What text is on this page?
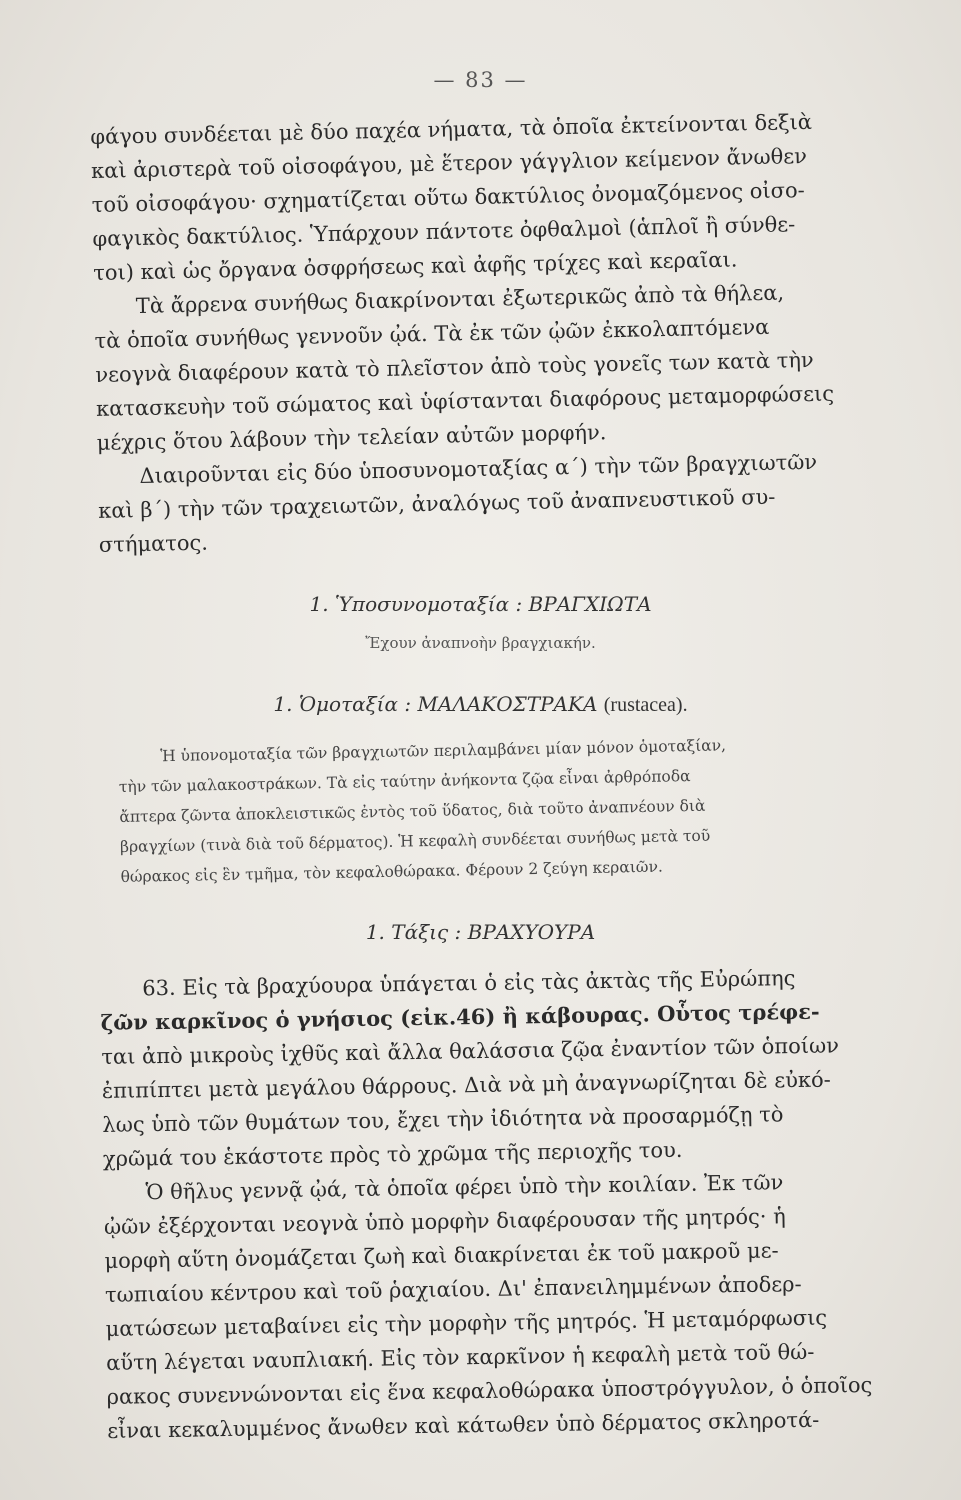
— 83 —
φάγου συνδέεται μὲ δύο παχέα νήματα, τὰ ὁποῖα ἐκτείνονται δεξιὰ
καὶ ἀριστερὰ τοῦ οἰσοφάγου, μὲ ἕτερον γάγγλιον κείμενον ἄνωθεν
τοῦ οἰσοφάγου· σχηματίζεται οὕτω δακτύλιος ὀνομαζόμενος οἰσο-
φαγικὸς δακτύλιος. Ὑπάρχουν πάντοτε ὀφθαλμοὶ (ἁπλοῖ ἢ σύνθε-
τοι) καὶ ὡς ὄργανα ὀσφρήσεως καὶ ἀφῆς τρίχες καὶ κεραῖαι.
Τὰ ἄρρενα συνήθως διακρίνονται ἐξωτερικῶς ἀπὸ τὰ θήλεα,
τὰ ὁποῖα συνήθως γεννοῦν ᾠά. Τὰ ἐκ τῶν ᾠῶν ἐκκολαπτόμενα
νεογνὰ διαφέρουν κατὰ τὸ πλεῖστον ἀπὸ τοὺς γονεῖς των κατὰ τὴν
κατασκευὴν τοῦ σώματος καὶ ὑφίστανται διαφόρους μεταμορφώσεις
μέχρις ὅτου λάβουν τὴν τελείαν αὐτῶν μορφήν.
Διαιροῦνται εἰς δύο ὑποσυνομοταξίας α΄) τὴν τῶν βραγχιωτῶν
καὶ β΄) τὴν τῶν τραχειωτῶν, ἀναλόγως τοῦ ἀναπνευστικοῦ συ-
στήματος.
1. Ὑποσυνομοταξία : ΒΡΑΓΧΙΩΤΑ
Ἔχουν ἀναπνοὴν βραγχιακήν.
1. Ὁμοταξία : ΜΑΛΑΚΟΣΤΡΑΚΑ (rustacea).
Ἡ ὑπονομοταξία τῶν βραγχιωτῶν περιλαμβάνει μίαν μόνον ὁμοταξίαν,
τὴν τῶν μαλακοστράκων. Τὰ εἰς ταύτην ἀνήκοντα ζῷα εἶναι ἀρθρόποδα
ἄπτερα ζῶντα ἀποκλειστικῶς ἐντὸς τοῦ ὕδατος, διὰ τοῦτο ἀναπνέουν διὰ
βραγχίων (τινὰ διὰ τοῦ δέρματος). Ἡ κεφαλὴ συνδέεται συνήθως μετὰ τοῦ
θώρακος εἰς ἓν τμῆμα, τὸν κεφαλοθώρακα. Φέρουν 2 ζεύγη κεραιῶν.
1. Τάξις : ΒΡΑΧΥΟΥΡΑ
63. Εἰς τὰ βραχύουρα ὑπάγεται ὁ εἰς τὰς ἀκτὰς τῆς Εὐρώπης
ζῶν καρκῖνος ὁ γνήσιος (εἰκ.46) ἢ κάβουρας. Οὗτος τρέφε-
ται ἀπὸ μικροὺς ἰχθῦς καὶ ἄλλα θαλάσσια ζῷα ἐναντίον τῶν ὁποίων
ἐπιπίπτει μετὰ μεγάλου θάρρους. Διὰ νὰ μὴ ἀναγνωρίζηται δὲ εὐκό-
λως ὑπὸ τῶν θυμάτων του, ἔχει τὴν ἰδιότητα νὰ προσαρμόζῃ τὸ
χρῶμά του ἑκάστοτε πρὸς τὸ χρῶμα τῆς περιοχῆς του.
Ὁ θῆλυς γεννᾷ ᾠά, τὰ ὁποῖα φέρει ὑπὸ τὴν κοιλίαν. Ἐκ τῶν
ᾠῶν ἐξέρχονται νεογνὰ ὑπὸ μορφὴν διαφέρουσαν τῆς μητρός· ἡ
μορφὴ αὕτη ὀνομάζεται ζωὴ καὶ διακρίνεται ἐκ τοῦ μακροῦ με-
τωπιαίου κέντρου καὶ τοῦ ῥαχιαίου. Δι' ἐπανειλημμένων ἀποδερ-
ματώσεων μεταβαίνει εἰς τὴν μορφὴν τῆς μητρός. Ἡ μεταμόρφωσις
αὕτη λέγεται ναυπλιακή. Εἰς τὸν καρκῖνον ἡ κεφαλὴ μετὰ τοῦ θώ-
ρακος συνεννώνονται εἰς ἕνα κεφαλοθώρακα ὑποστρόγγυλον, ὁ ὁποῖος
εἶναι κεκαλυμμένος ἄνωθεν καὶ κάτωθεν ὑπὸ δέρματος σκληροτά-
